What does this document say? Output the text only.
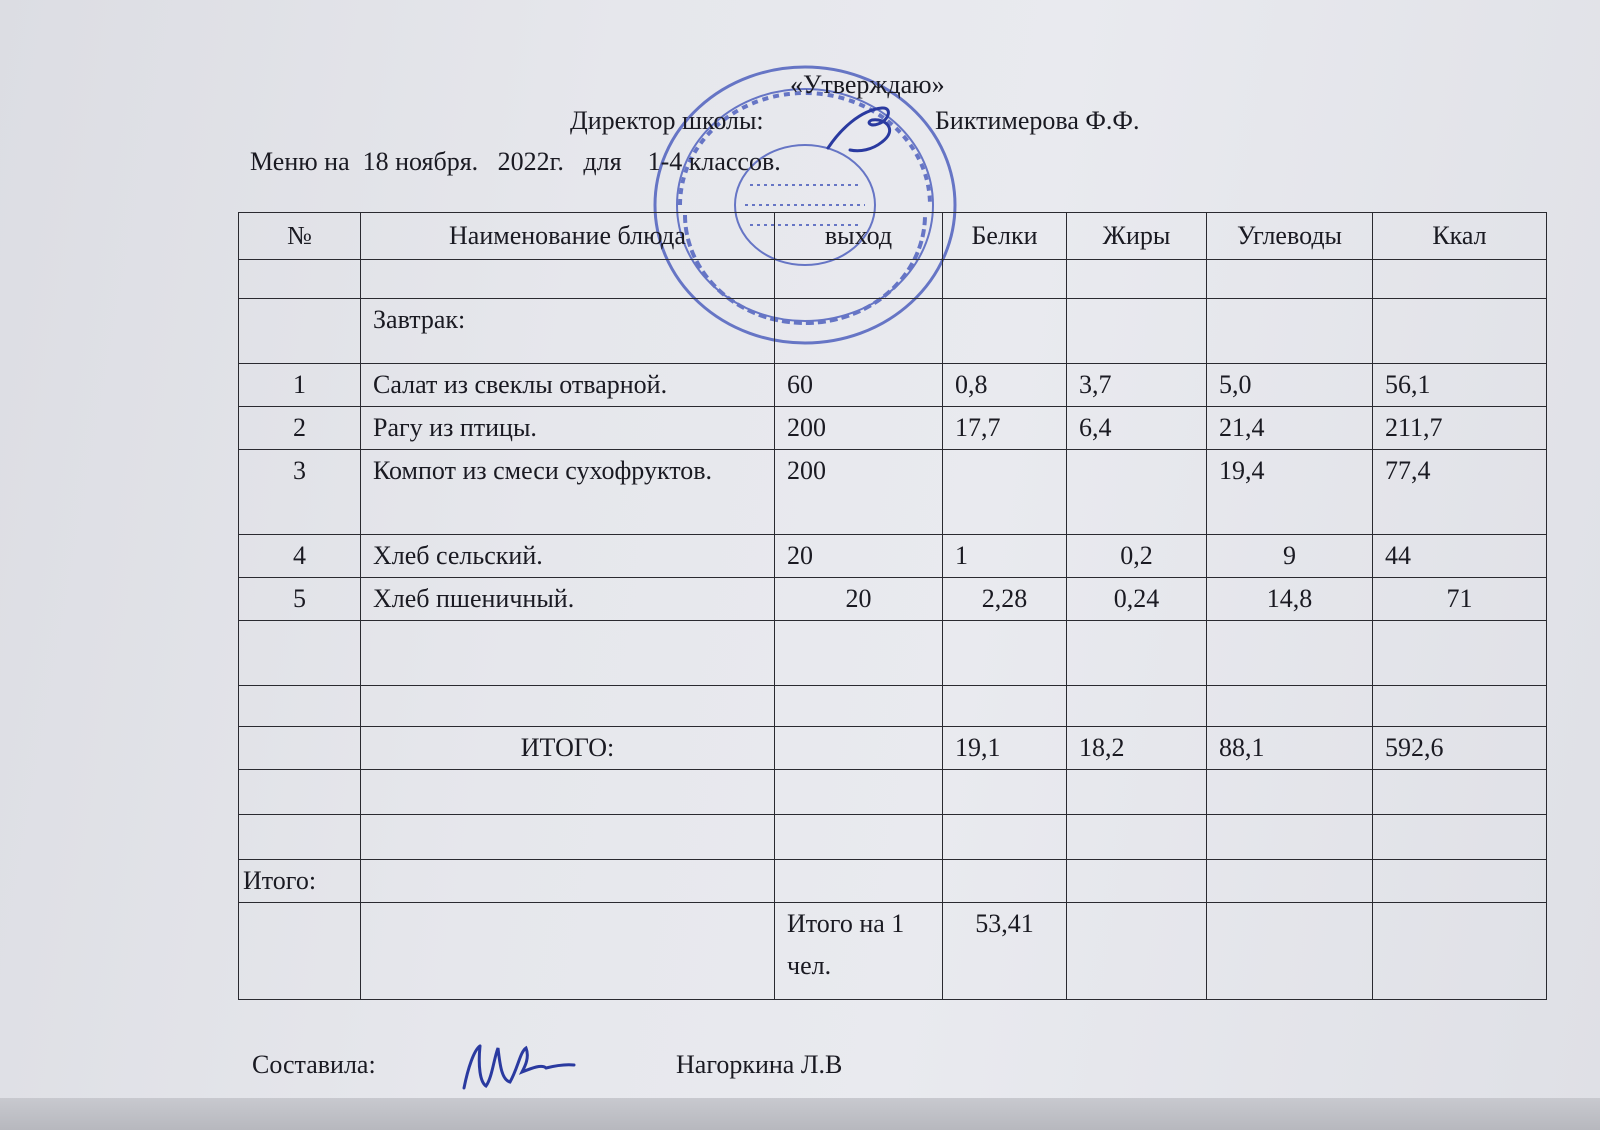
«Утверждаю»
Директор школы:	Биктимерова Ф.Ф.
Меню на  18 ноября.   2022г.   для    1-4 классов.
№	Наименование блюда	выход	Белки	Жиры	Углеводы	Ккал

	Завтрак:					
1	Салат из свеклы отварной.	60	0,8	3,7	5,0	56,1
2	Рагу из птицы.	200	17,7	6,4	21,4	211,7
3	Компот из смеси сухофруктов.	200			19,4	77,4
4	Хлеб сельский.	20	1	0,2	9	44
5	Хлеб пшеничный.	20	2,28	0,24	14,8	71

	ИТОГО:		19,1	18,2	88,1	592,6

Итого:						
		Итого на 1 чел.	53,41			
Составила:	Нагоркина Л.В
